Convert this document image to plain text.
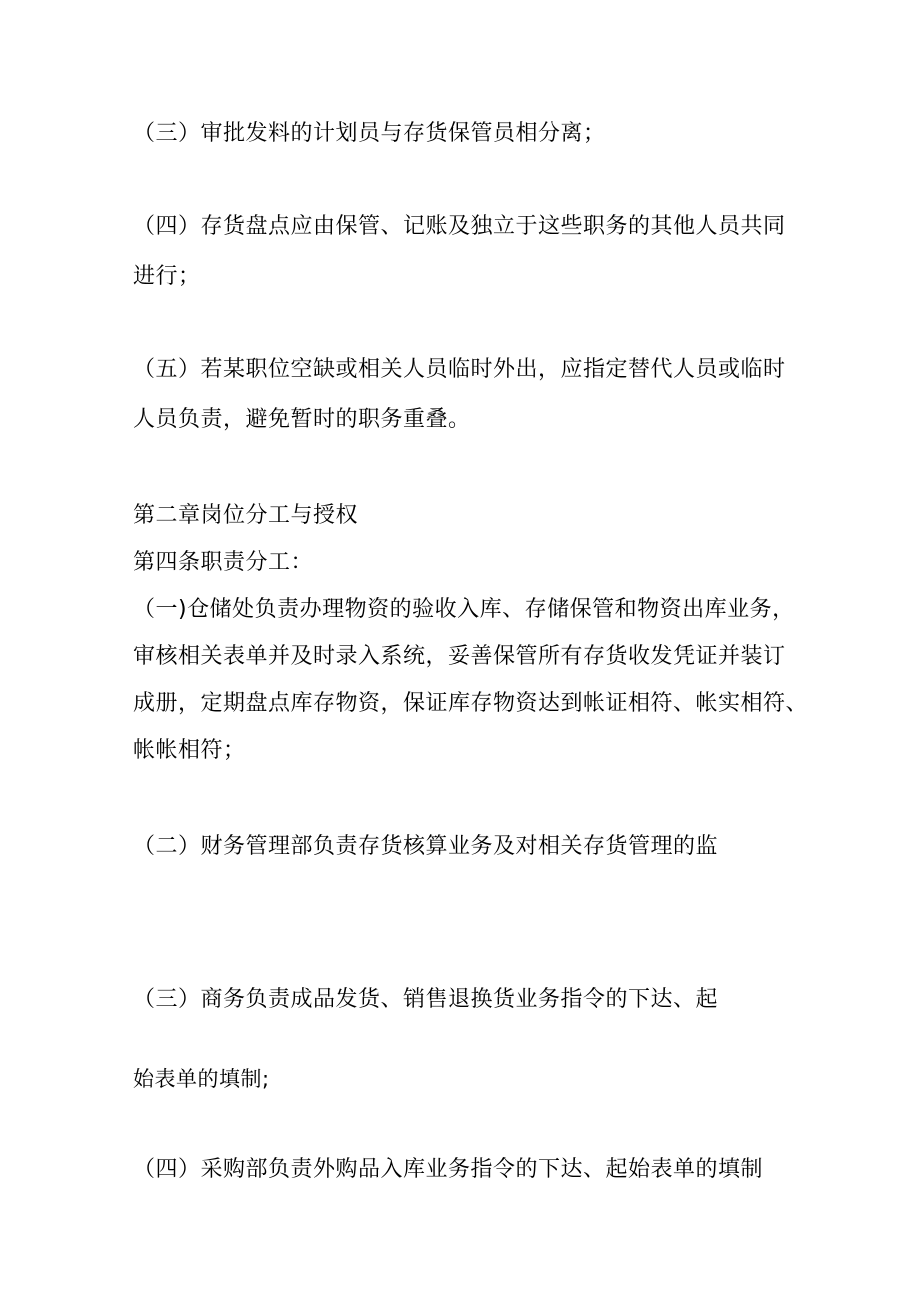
（三）审批发料的计划员与存货保管员相分离；
（四）存货盘点应由保管、记账及独立于这些职务的其他人员共同
进行；
（五）若某职位空缺或相关人员临时外出，应指定替代人员或临时
人员负责，避免暂时的职务重叠。
第二章岗位分工与授权
第四条职责分工：
（一)仓储处负责办理物资的验收入库、存储保管和物资出库业务，
审核相关表单并及时录入系统，妥善保管所有存货收发凭证并装订
成册，定期盘点库存物资，保证库存物资达到帐证相符、帐实相符、
帐帐相符；
（二）财务管理部负责存货核算业务及对相关存货管理的监
（三）商务负责成品发货、销售退换货业务指令的下达、起
始表单的填制;
（四）采购部负责外购品入库业务指令的下达、起始表单的填制
